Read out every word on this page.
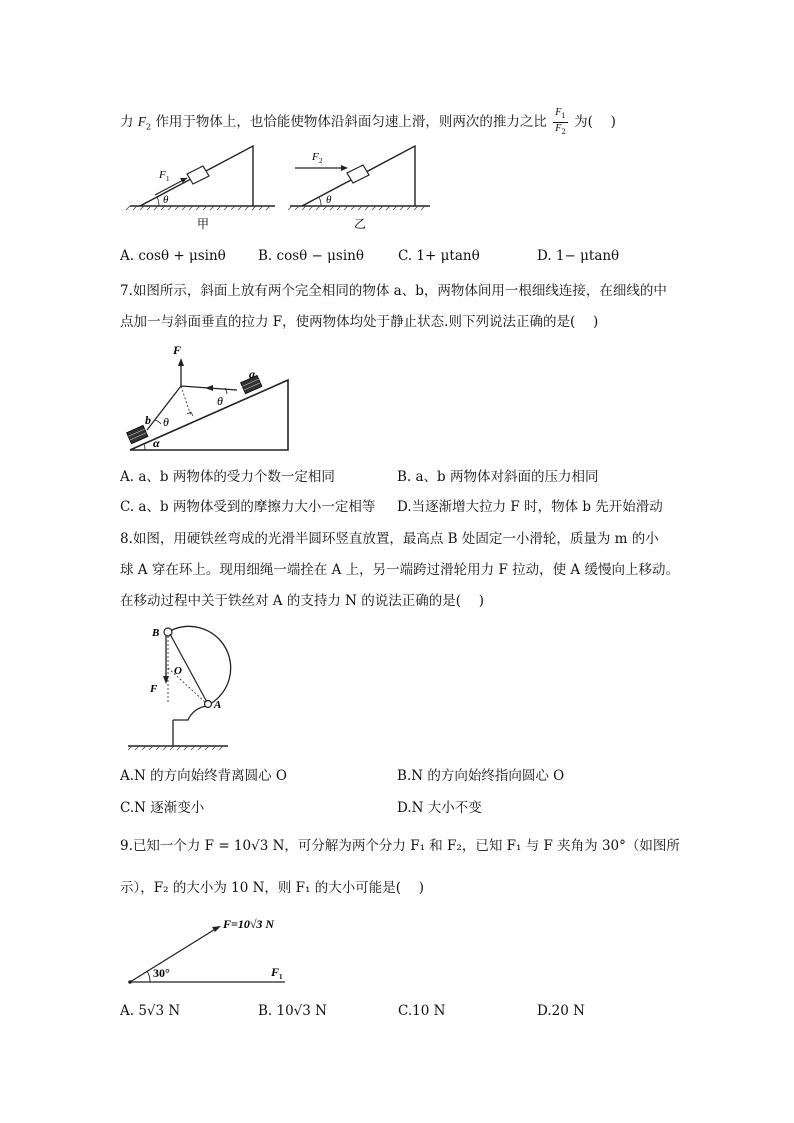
力 $F_2$ 作用于物体上，也恰能使物体沿斜面匀速上滑，则两次的推力之比 $\frac{F_1}{F_2}$ 为(　 )
F 1
θ
甲
F 2
θ
乙
A. cosθ + μsinθ B. cosθ − μsinθ	C. 1+ μtanθ	D. 1− μtanθ
7.如图所示，斜面上放有两个完全相同的物体 a、b，两物体间用一根细线连接，在细线的中
点加一与斜面垂直的拉力 F，使两物体均处于静止状态.则下列说法正确的是(　 )
F
θ
θ
α
b
a
A. a、b 两物体的受力个数一定相同	B. a、b 两物体对斜面的压力相同
C. a、b 两物体受到的摩擦力大小一定相等 D.当逐渐增大拉力 F 时，物体 b 先开始滑动
8.如图，用硬铁丝弯成的光滑半圆环竖直放置，最高点 B 处固定一小滑轮，质量为 m 的小
球 A 穿在环上。现用细绳一端拴在 A 上，另一端跨过滑轮用力 F 拉动，使 A 缓慢向上移动。
在移动过程中关于铁丝对 A 的支持力 N 的说法正确的是(　 )
F
B
O
A
A.N 的方向始终背离圆心 O	B.N 的方向始终指向圆心 O
C.N 逐渐变小	D.N 大小不变
9.已知一个力 F = 10√3 N，可分解为两个分力 F₁ 和 F₂，已知 F₁ 与 F 夹角为 30°（如图所
示），F₂ 的大小为 10 N，则 F₁ 的大小可能是(　 )
30°
F=10√3 N
F 1
A. 5√3 N	B. 10√3 N	C.10 N	D.20 N
